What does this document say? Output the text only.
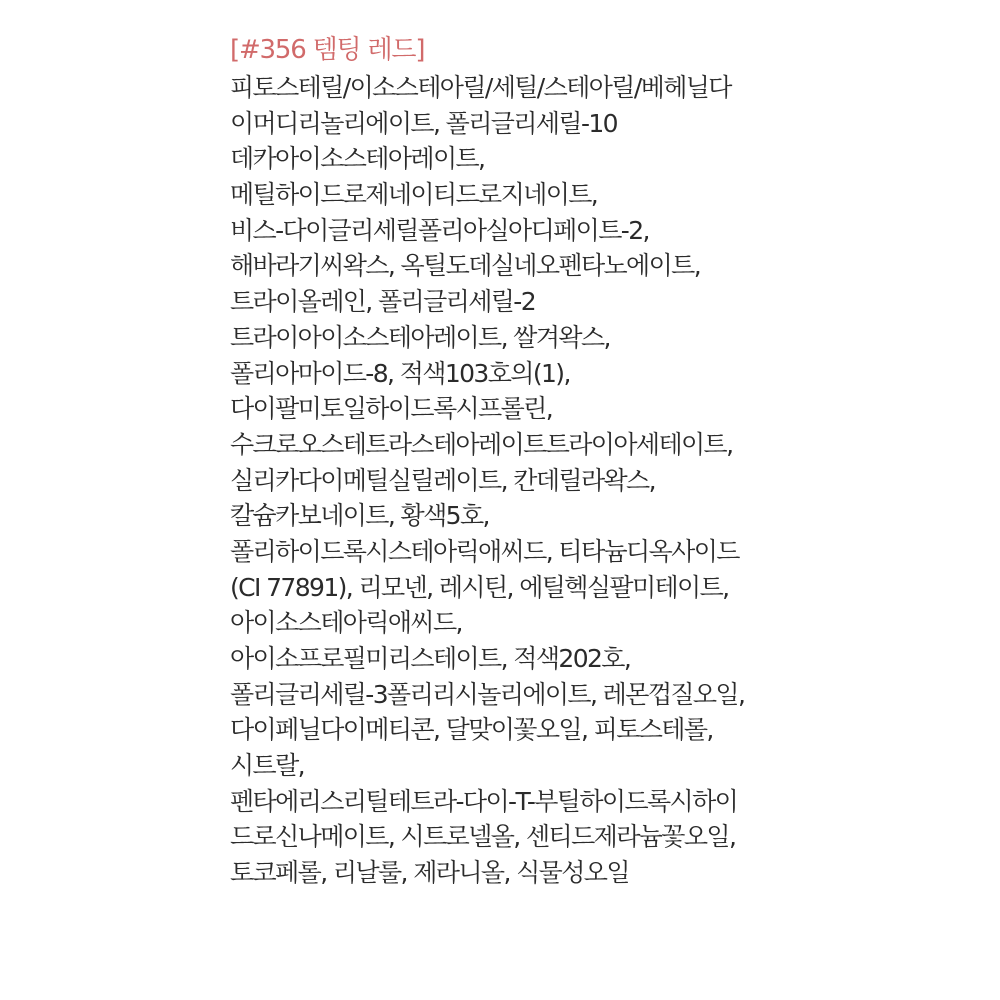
[#356 템팅 레드]
피토스테릴/이소스테아릴/세틸/스테아릴/베헤닐다
이머디리놀리에이트, 폴리글리세릴-10
데카아이소스테아레이트,
메틸하이드로제네이티드로지네이트,
비스-다이글리세릴폴리아실아디페이트-2,
해바라기씨왁스, 옥틸도데실네오펜타노에이트,
트라이올레인, 폴리글리세릴-2
트라이아이소스테아레이트, 쌀겨왁스,
폴리아마이드-8, 적색103호의(1),
다이팔미토일하이드록시프롤린,
수크로오스테트라스테아레이트트라이아세테이트,
실리카다이메틸실릴레이트, 칸데릴라왁스,
칼슘카보네이트, 황색5호,
폴리하이드록시스테아릭애씨드, 티타늄디옥사이드
(CI 77891), 리모넨, 레시틴, 에틸헥실팔미테이트,
아이소스테아릭애씨드,
아이소프로필미리스테이트, 적색202호,
폴리글리세릴-3폴리리시놀리에이트, 레몬껍질오일,
다이페닐다이메티콘, 달맞이꽃오일, 피토스테롤,
시트랄,
펜타에리스리틸테트라-다이-T-부틸하이드록시하이
드로신나메이트, 시트로넬올, 센티드제라늄꽃오일,
토코페롤, 리날룰, 제라니올, 식물성오일
